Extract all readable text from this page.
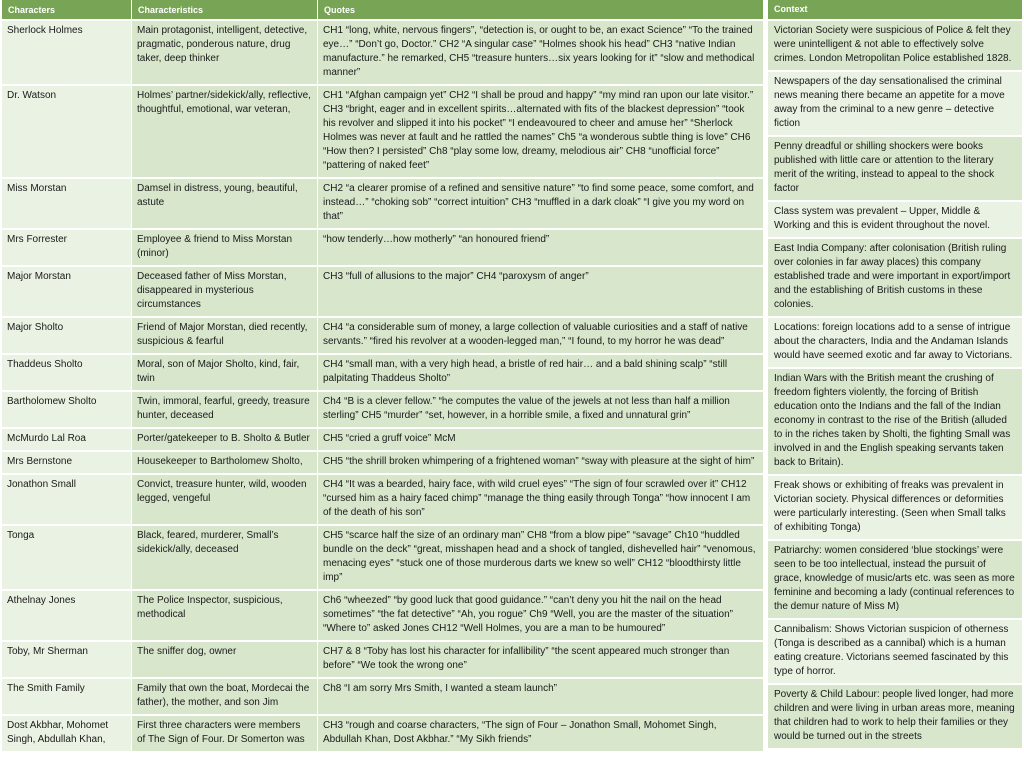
Characters	Characteristics	Quotes
Sherlock Holmes	Main protagonist, intelligent, detective, pragmatic, ponderous nature, drug taker, deep thinker	CH1 “long, white, nervous fingers”, “detection is, or ought to be, an exact Science” “To the trained eye…” “Don’t go, Doctor.” CH2 “A singular case” “Holmes shook his head” CH3 “native Indian manufacture.” he remarked, CH5 “treasure hunters…six years looking for it” “slow and methodical manner”
Dr. Watson	Holmes’ partner/sidekick/ally, reflective, thoughtful, emotional, war veteran,	CH1 “Afghan campaign yet” CH2 “I shall be proud and happy” “my mind ran upon our late visitor.” CH3 “bright, eager and in excellent spirits…alternated with fits of the blackest depression” “took his revolver and slipped it into his pocket” “I endeavoured to cheer and amuse her” “Sherlock Holmes was never at fault and he rattled the names” Ch5 “a wonderous subtle thing is love” CH6 “How then? I persisted” Ch8 “play some low, dreamy, melodious air” CH8 “unofficial force” “pattering of naked feet”
Miss Morstan	Damsel in distress, young, beautiful, astute	CH2 “a clearer promise of a refined and sensitive nature” “to find some peace, some comfort, and instead…” “choking sob” “correct intuition” CH3 “muffled in a dark cloak” “I give you my word on that”
Mrs Forrester	Employee & friend to Miss Morstan (minor)	“how tenderly…how motherly” “an honoured friend”
Major Morstan	Deceased father of Miss Morstan, disappeared in mysterious circumstances	CH3 “full of allusions to the major” CH4 “paroxysm of anger”
Major Sholto	Friend of Major Morstan, died recently, suspicious & fearful	CH4 “a considerable sum of money, a large collection of valuable curiosities and a staff of native servants.” “fired his revolver at a wooden-legged man,” “I found, to my horror he was dead”
Thaddeus Sholto	Moral, son of Major Sholto, kind, fair, twin	CH4 “small man, with a very high head, a bristle of red hair… and a bald shining scalp” “still palpitating Thaddeus Sholto”
Bartholomew Sholto	Twin, immoral, fearful, greedy, treasure hunter, deceased	Ch4 “B is a clever fellow.” “he computes the value of the jewels at not less than half a million sterling” CH5 “murder” “set, however, in a horrible smile, a fixed and unnatural grin”
McMurdo Lal Roa	Porter/gatekeeper to B. Sholto & Butler	CH5 “cried a gruff voice” McM
Mrs Bernstone	Housekeeper to Bartholomew Sholto,	CH5 “the shrill broken whimpering of a frightened woman” “sway with pleasure at the sight of him”
Jonathon Small	Convict, treasure hunter, wild, wooden legged, vengeful	CH4 “It was a bearded, hairy face, with wild cruel eyes” “The sign of four scrawled over it” CH12 “cursed him as a hairy faced chimp” “manage the thing easily through Tonga” “how innocent I am of the death of his son”
Tonga	Black, feared, murderer, Small’s sidekick/ally, deceased	CH5 “scarce half the size of an ordinary man” CH8 “from a blow pipe” “savage” Ch10 “huddled bundle on the deck” “great, misshapen head and a shock of tangled, dishevelled hair” “venomous, menacing eyes” “stuck one of those murderous darts we knew so well” CH12 “bloodthirsty little imp”
Athelnay Jones	The Police Inspector, suspicious, methodical	Ch6 “wheezed” “by good luck that good guidance.” “can’t deny you hit the nail on the head sometimes” “the fat detective” “Ah, you rogue” Ch9 “Well, you are the master of the situation” “Where to” asked Jones CH12 “Well Holmes, you are a man to be humoured”
Toby, Mr Sherman	The sniffer dog, owner	CH7 & 8 “Toby has lost his character for infallibility” “the scent appeared much stronger than before” “We took the wrong one”
The Smith Family	Family that own the boat, Mordecai the father), the mother, and son Jim	Ch8 “I am sorry Mrs Smith, I wanted a steam launch”
Dost Akbhar, Mohomet Singh, Abdullah Khan,	First three characters were members of The Sign of Four. Dr Somerton was	CH3 “rough and coarse characters, “The sign of Four – Jonathon Small, Mohomet Singh, Abdullah Khan, Dost Akbhar.” “My Sikh friends”
Context
Victorian Society were suspicious of Police & felt they were unintelligent & not able to effectively solve crimes. London Metropolitan Police established 1828.
Newspapers of the day sensationalised the criminal news meaning there became an appetite for a move away from the criminal to a new genre – detective fiction
Penny dreadful or shilling shockers were books published with little care or attention to the literary merit of the writing, instead to appeal to the shock factor
Class system was prevalent – Upper, Middle & Working and this is evident throughout the novel.
East India Company: after colonisation (British ruling over colonies in far away places) this company established trade and were important in export/import and the establishing of British customs in these colonies.
Locations: foreign locations add to a sense of intrigue about the characters, India and the Andaman Islands would have seemed exotic and far away to Victorians.
Indian Wars with the British meant the crushing of freedom fighters violently, the forcing of British education onto the Indians and the fall of the Indian economy in contrast to the rise of the British (alluded to in the riches taken by Sholti, the fighting Small was involved in and the English speaking servants taken back to Britain).
Freak shows or exhibiting of freaks was prevalent in Victorian society. Physical differences or deformities were particularly interesting. (Seen when Small talks of exhibiting Tonga)
Patriarchy: women considered ‘blue stockings’ were seen to be too intellectual, instead the pursuit of grace, knowledge of music/arts etc. was seen as more feminine and becoming a lady (continual references to the demur nature of Miss M)
Cannibalism: Shows Victorian suspicion of otherness (Tonga is described as a cannibal) which is a human eating creature. Victorians seemed fascinated by this type of horror.
Poverty & Child Labour: people lived longer, had more children and were living in urban areas more, meaning that children had to work to help their families or they would be turned out in the streets
